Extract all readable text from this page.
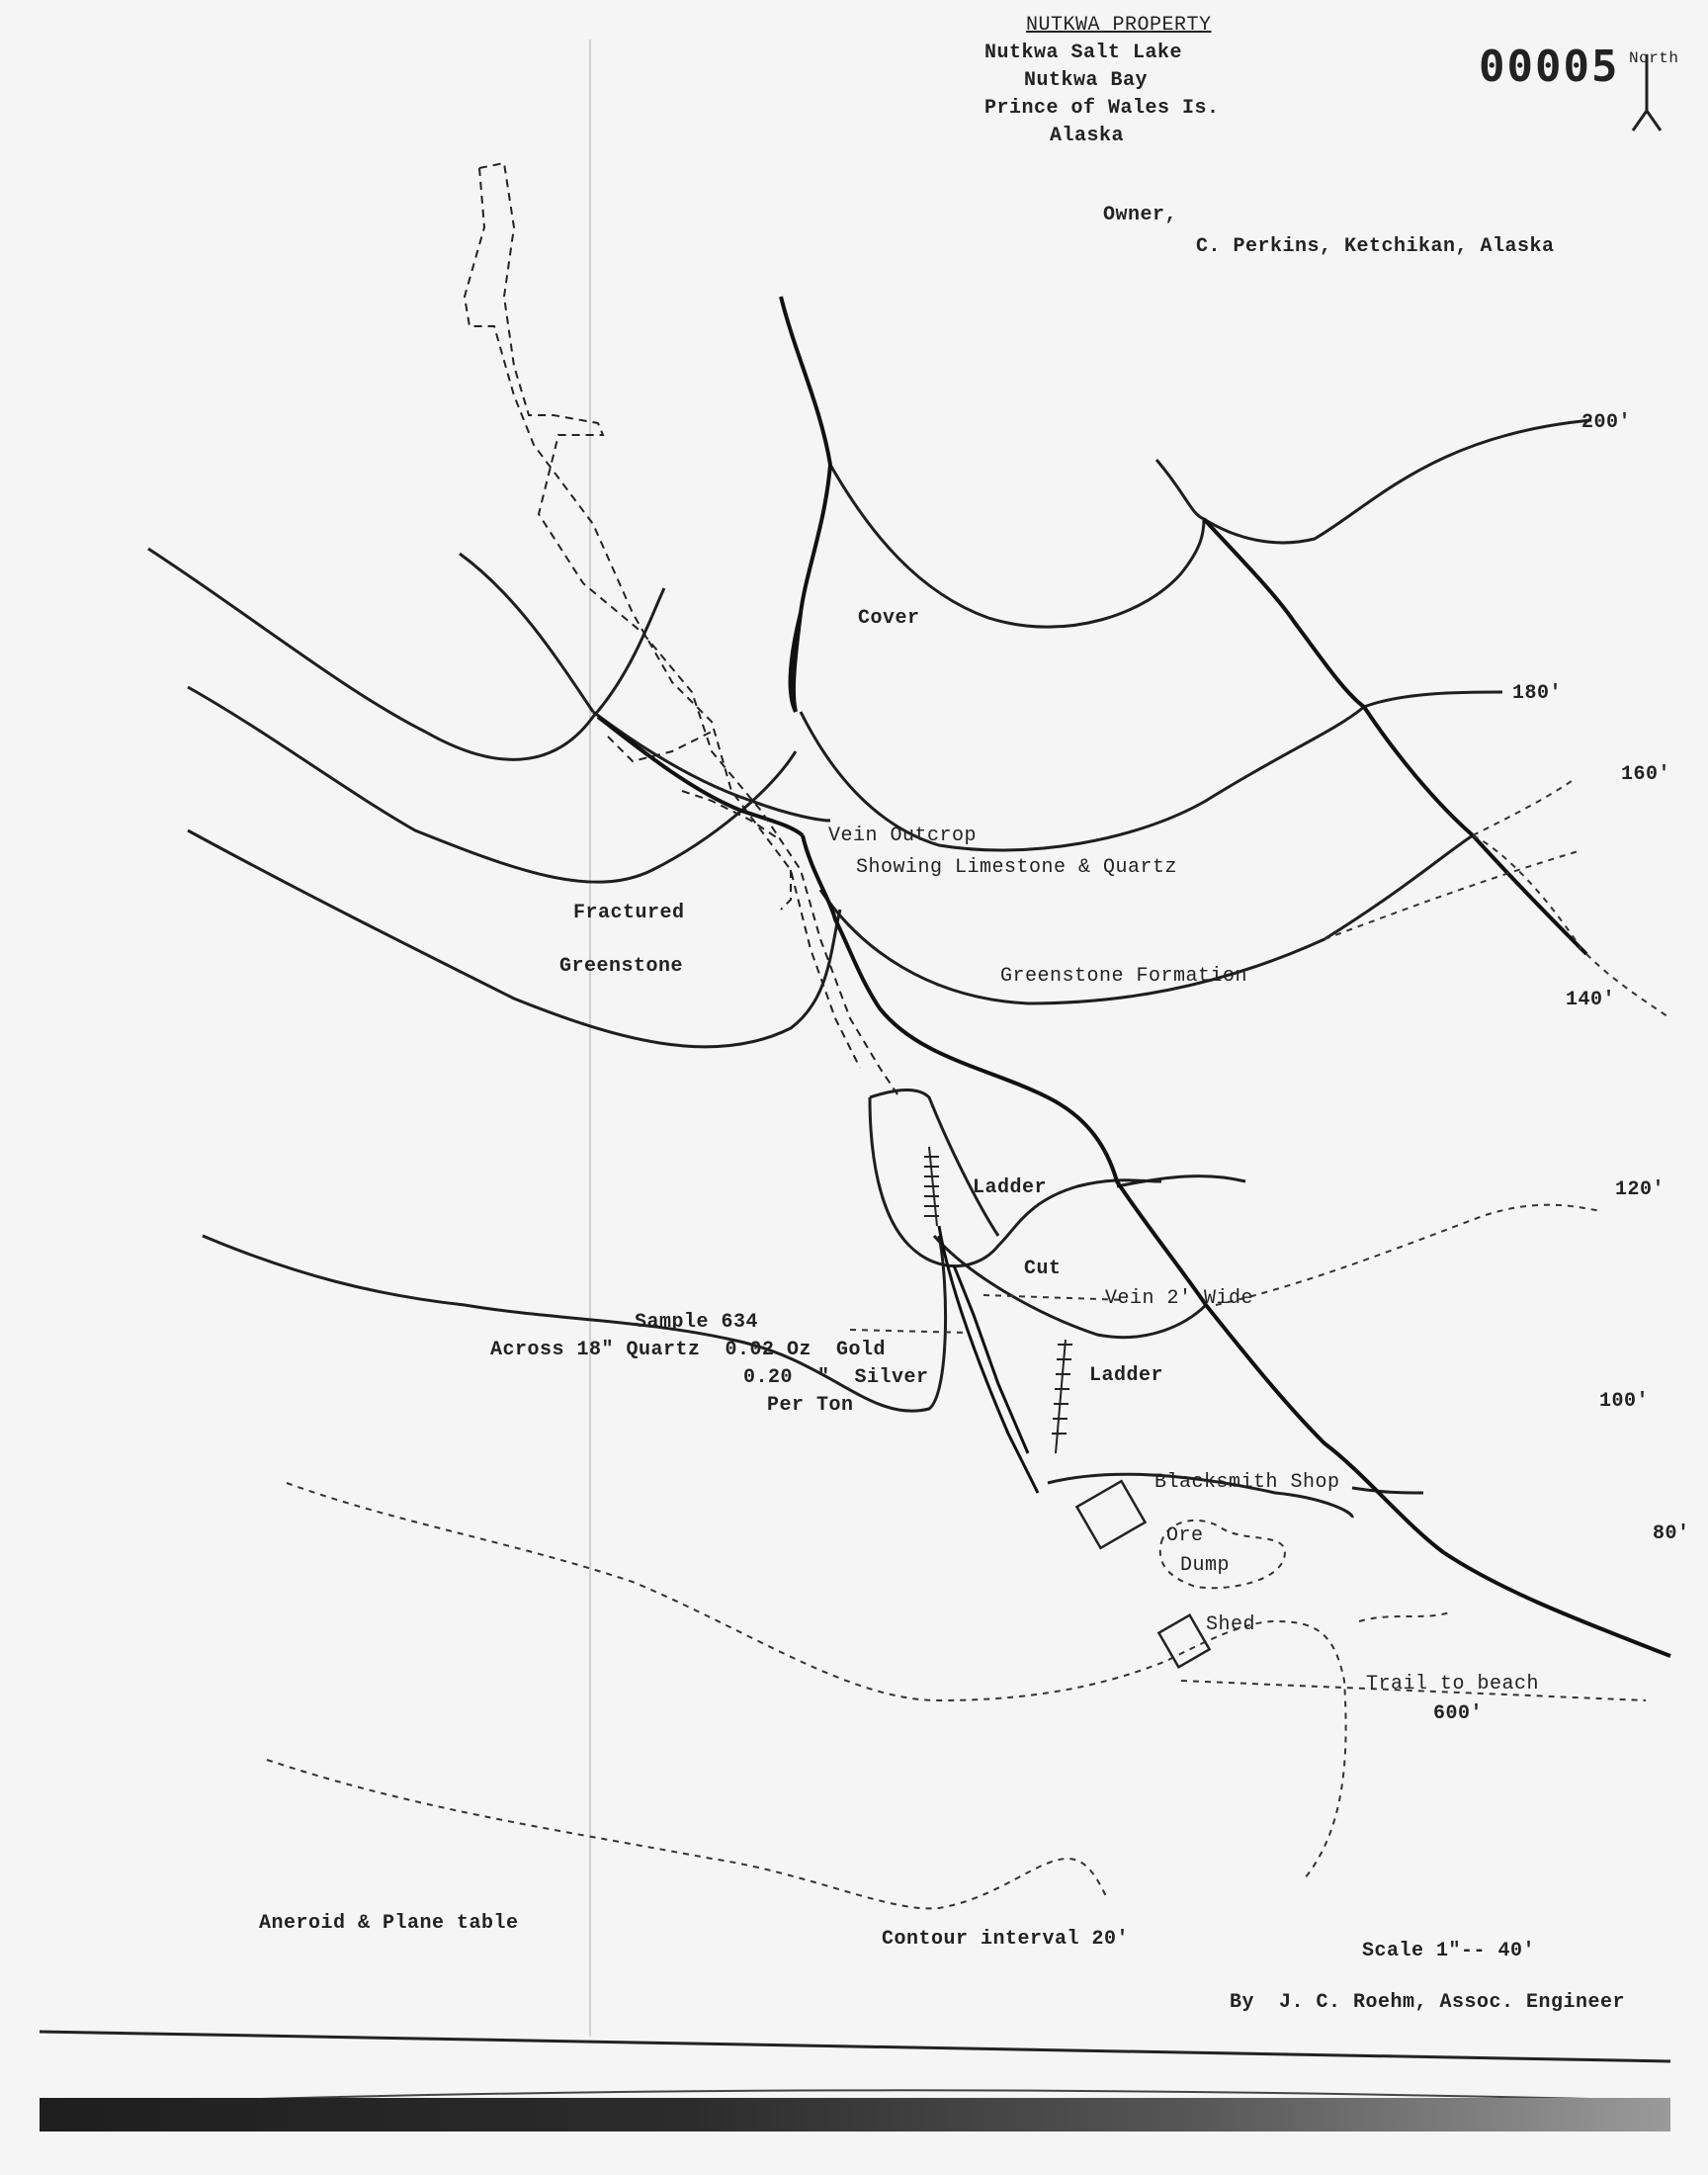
NUTKWA PROPERTY
Nutkwa Salt Lake
Nutkwa Bay
Prince of Wales Is.
Alaska
00005 North
Owner,
C. Perkins, Ketchikan, Alaska
200'
180'
160'
140'
120'
100'
80'
600'
Cover
Vein Outcrop
Showing Limestone & Quartz
Fractured
Greenstone	Greenstone Formation
Ladder
Cut
Vein 2' Wide
Ladder
Blacksmith Shop
Ore
Dump
Shed
Trail to beach
Sample 634
Across 18" Quartz  0.02 Oz  Gold
0.20  "  Silver
Per Ton
Aneroid & Plane table
Contour interval 20'
Scale 1"-- 40'
By  J. C. Roehm, Assoc. Engineer
